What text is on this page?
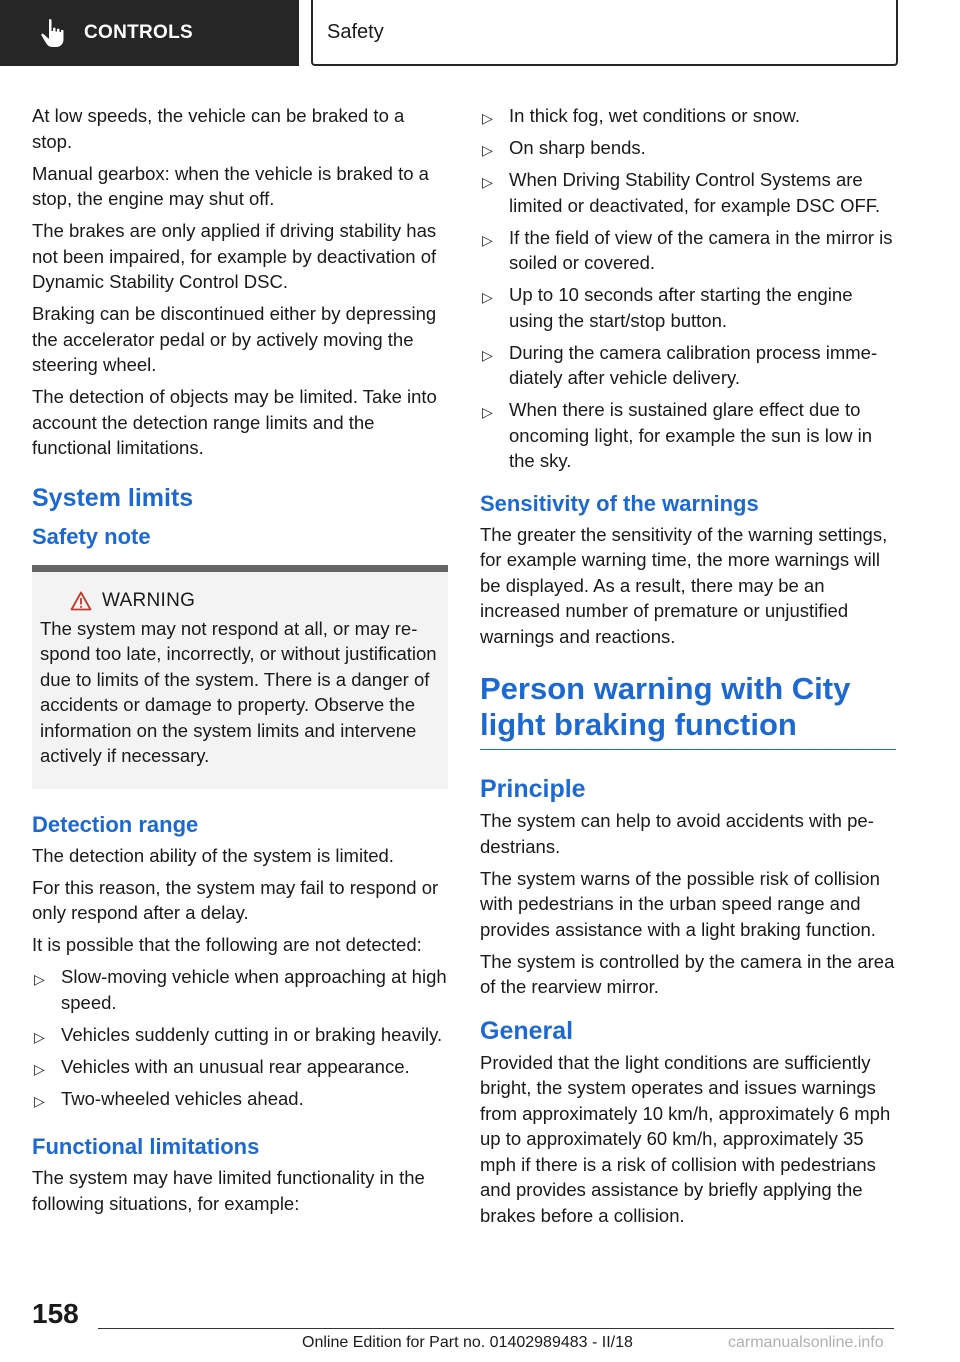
CONTROLS	Safety

At low speeds, the vehicle can be braked to a stop.

Manual gearbox: when the vehicle is braked to a stop, the engine may shut off.

The brakes are only applied if driving stability has not been impaired, for example by deactivation of Dynamic Stability Control DSC.

Braking can be discontinued either by depressing the accelerator pedal or by actively moving the steering wheel.

The detection of objects may be limited. Take into account the detection range limits and the functional limitations.

System limits
Safety note
WARNING

The system may not respond at all, or may respond too late, incorrectly, or without justification due to limits of the system. There is a danger of accidents or damage to property. Observe the information on the system limits and intervene actively if necessary.

Detection range

The detection ability of the system is limited.

For this reason, the system may fail to respond or only respond after a delay.

It is possible that the following are not detected:

▷ Slow-moving vehicle when approaching at high speed.
▷ Vehicles suddenly cutting in or braking heavily.
▷ Vehicles with an unusual rear appearance.
▷ Two-wheeled vehicles ahead.
Functional limitations

The system may have limited functionality in the following situations, for example:

▷ In thick fog, wet conditions or snow.
▷ On sharp bends.
▷ When Driving Stability Control Systems are limited or deactivated, for example DSC OFF.
▷ If the field of view of the camera in the mirror is soiled or covered.
▷ Up to 10 seconds after starting the engine using the start/stop button.
▷ During the camera calibration process immediately after vehicle delivery.
▷ When there is sustained glare effect due to oncoming light, for example the sun is low in the sky.
Sensitivity of the warnings

The greater the sensitivity of the warning settings, for example warning time, the more warnings will be displayed. As a result, there may be an increased number of premature or unjustified warnings and reactions.

Person warning with City light braking function
Principle

The system can help to avoid accidents with pedestrians.

The system warns of the possible risk of collision with pedestrians in the urban speed range and provides assistance with a light braking function.

The system is controlled by the camera in the area of the rearview mirror.

General

Provided that the light conditions are sufficiently bright, the system operates and issues warnings from approximately 10 km/h, approximately 6 mph up to approximately 60 km/h, approximately 35 mph if there is a risk of collision with pedestrians and provides assistance by briefly applying the brakes before a collision.

158
Online Edition for Part no. 01402989483 - II/18	carmanualsonline.info
